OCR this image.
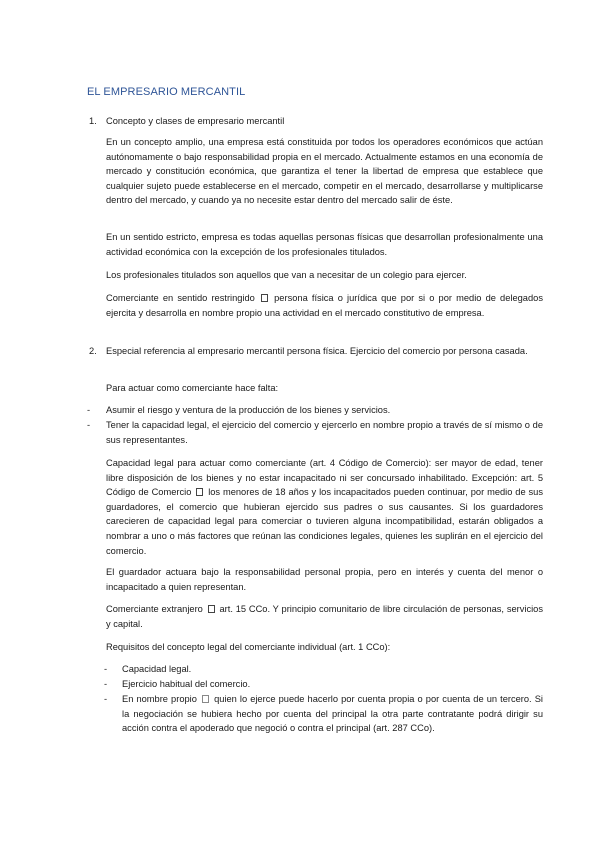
EL EMPRESARIO MERCANTIL
1. Concepto y clases de empresario mercantil
En un concepto amplio, una empresa está constituida por todos los operadores económicos que actúan autónomamente o bajo responsabilidad propia en el mercado. Actualmente estamos en una economía de mercado y constitución económica, que garantiza el tener la libertad de empresa que establece que cualquier sujeto puede establecerse en el mercado, competir en el mercado, desarrollarse y multiplicarse dentro del mercado, y cuando ya no necesite estar dentro del mercado salir de éste.
En un sentido estricto, empresa es todas aquellas personas físicas que desarrollan profesionalmente una actividad económica con la excepción de los profesionales titulados.
Los profesionales titulados son aquellos que van a necesitar de un colegio para ejercer.
Comerciante en sentido restringido persona física o jurídica que por si o por medio de delegados ejercita y desarrolla en nombre propio una actividad en el mercado constitutivo de empresa.
2. Especial referencia al empresario mercantil persona física. Ejercicio del comercio por persona casada.
Para actuar como comerciante hace falta:
- Asumir el riesgo y ventura de la producción de los bienes y servicios.
- Tener la capacidad legal, el ejercicio del comercio y ejercerlo en nombre propio a través de sí mismo o de sus representantes.
Capacidad legal para actuar como comerciante (art. 4 Código de Comercio): ser mayor de edad, tener libre disposición de los bienes y no estar incapacitado ni ser concursado inhabilitado. Excepción: art. 5 Código de Comercio los menores de 18 años y los incapacitados pueden continuar, por medio de sus guardadores, el comercio que hubieran ejercido sus padres o sus causantes. Si los guardadores carecieren de capacidad legal para comerciar o tuvieren alguna incompatibilidad, estarán obligados a nombrar a uno o más factores que reúnan las condiciones legales, quienes les suplirán en el ejercicio del comercio.
El guardador actuara bajo la responsabilidad personal propia, pero en interés y cuenta del menor o incapacitado a quien representan.
Comerciante extranjero art. 15 CCo. Y principio comunitario de libre circulación de personas, servicios y capital.
Requisitos del concepto legal del comerciante individual (art. 1 CCo):
- Capacidad legal.
- Ejercicio habitual del comercio.
- En nombre propio quien lo ejerce puede hacerlo por cuenta propia o por cuenta de un tercero. Si la negociación se hubiera hecho por cuenta del principal la otra parte contratante podrá dirigir su acción contra el apoderado que negoció o contra el principal (art. 287 CCo).
